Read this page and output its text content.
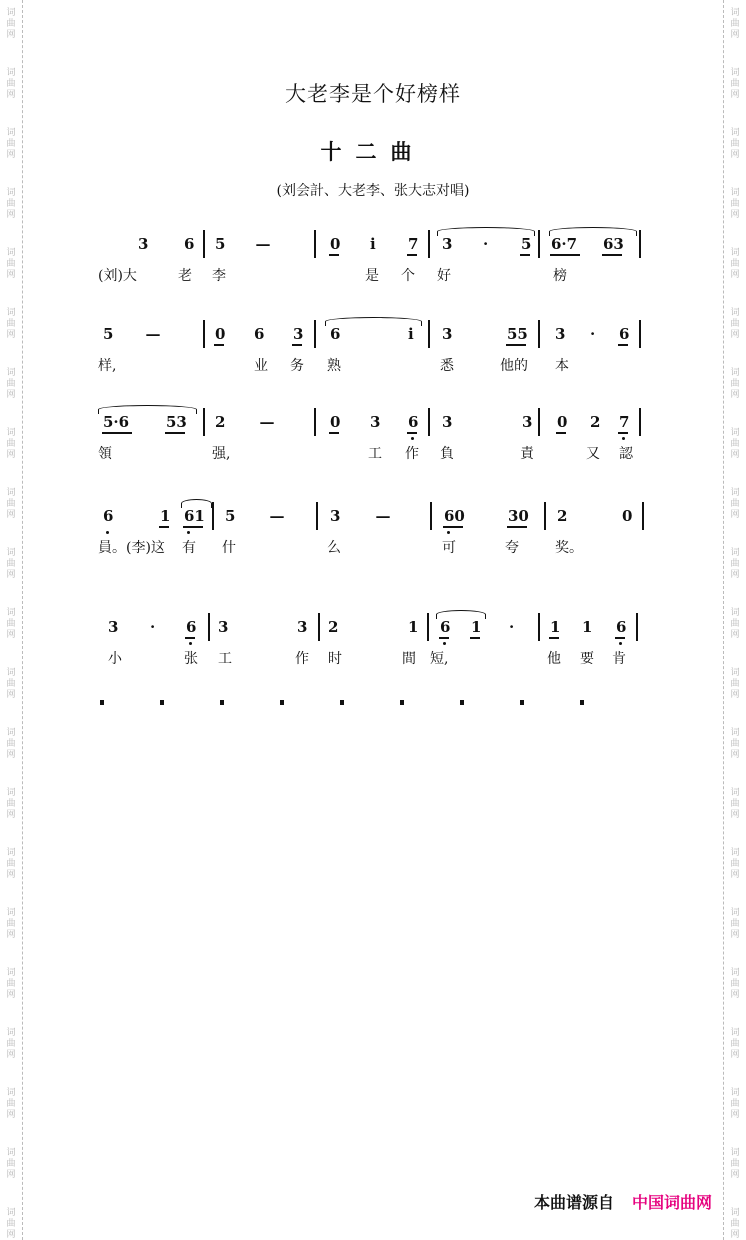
词
曲
网
词
曲
网
词
曲
网
词
曲
网
词
曲
网
词
曲
网
词
曲
网
词
曲
网
词
曲
网
词
曲
网
词
曲
网
词
曲
网
词
曲
网
词
曲
网
词
曲
网
词
曲
网
词
曲
网
词
曲
网
词
曲
网
词
曲
网
词
曲
网
词
曲
网
词
曲
网
词
曲
网
词
曲
网
词
曲
网
词
曲
网
词
曲
网
词
曲
网
词
曲
网
词
曲
网
词
曲
网
词
曲
网
词
曲
网
词
曲
网
词
曲
网
词
曲
网
词
曲
网
词
曲
网
词
曲
网
词
曲
网
词
曲
网
大老李是个好榜样
十二曲
(刘会計、大老李、张大志对唱)
3 6 5	—	0 i 7 3 · 5 6·7 63
(刘)大	老 李	是 个 好	榜
5	—	0 6 3 6	i 3	55 3 · 6
样,	业 务 熟	悉	他的 本
5·6 53 2	—	0 3 6 3	3 0 2 7
領	强,	工 作 負	責	又 認
6	1 61 5	—	3	—	60	30 2	0
員。(李)这 有 什	么	可	夸	奖。
3 · 6 3	3 2	1 6 1 · 1 1 6
小	张 工	作 时	間 短,	他 要 肯
本曲谱源自 中国词曲网
